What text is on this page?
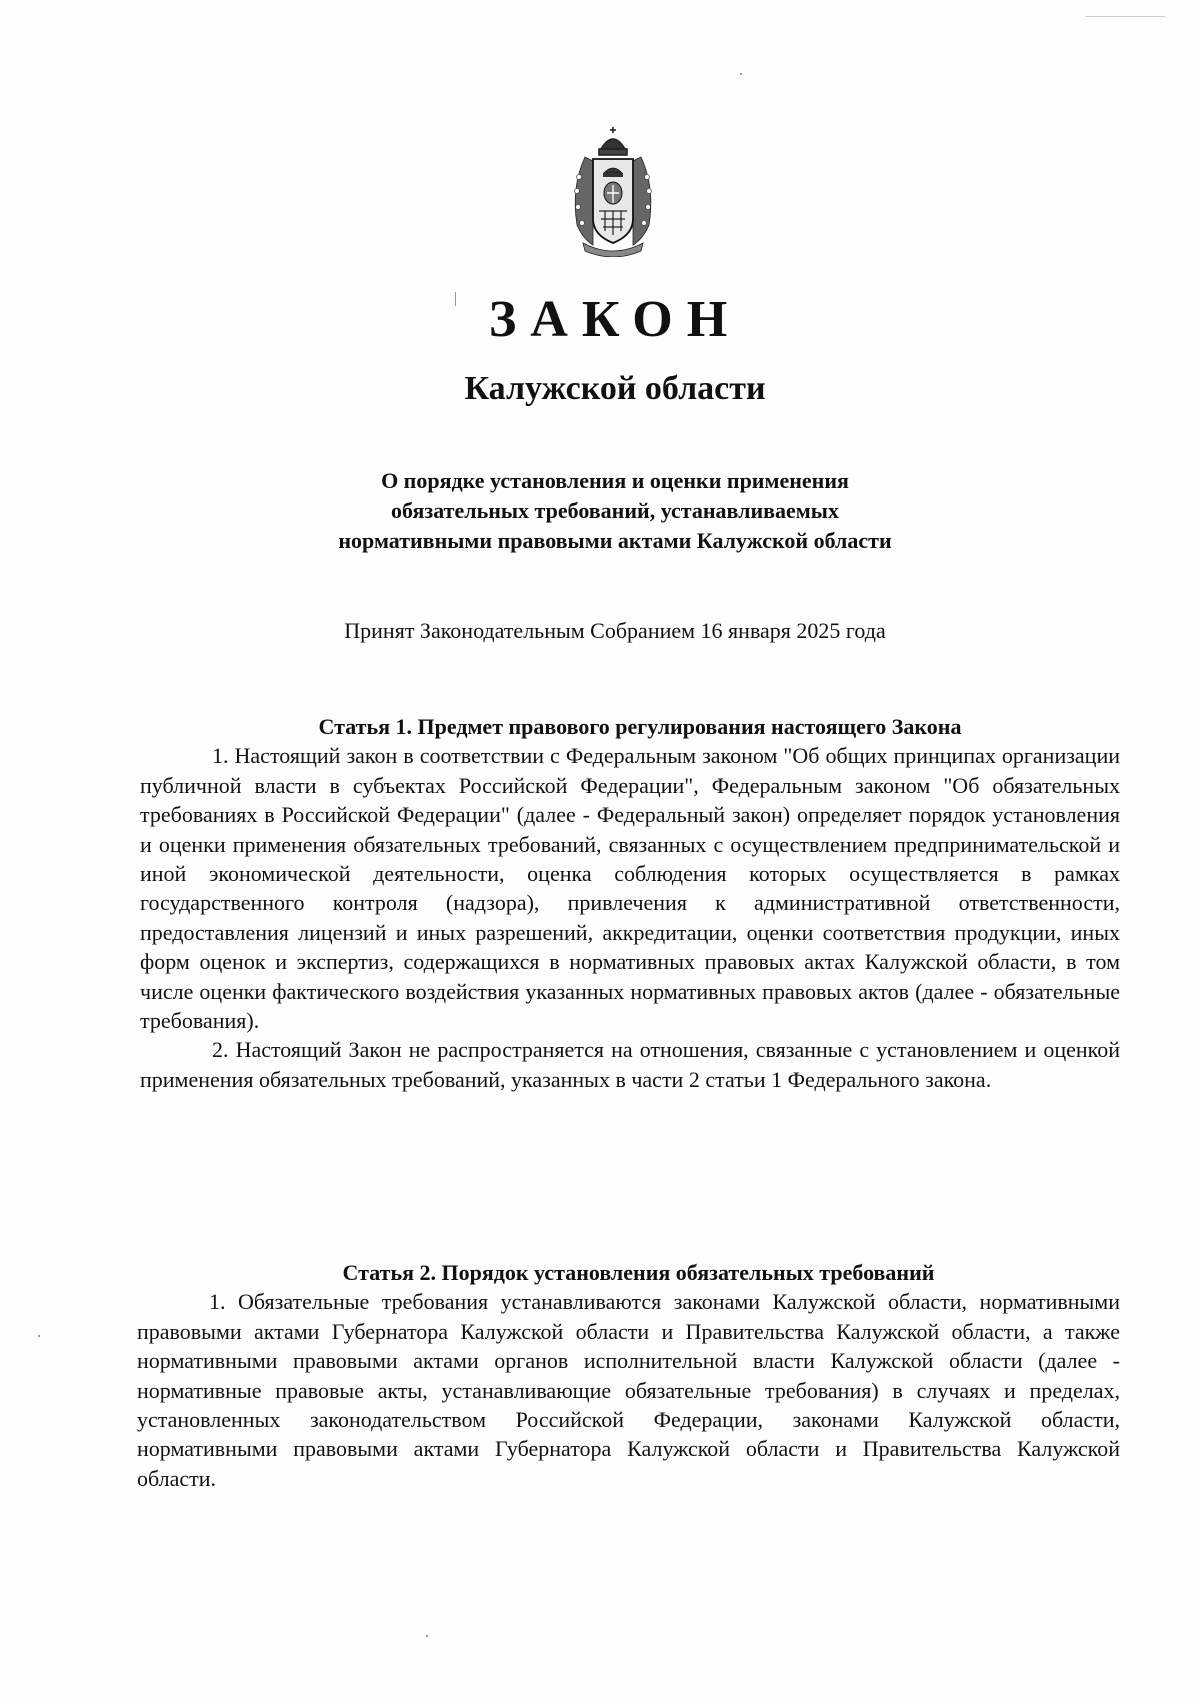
ЗАКОН
Калужской области
О порядке установления и оценки применения
обязательных требований, устанавливаемых
нормативными правовыми актами Калужской области
Принят Законодательным Собранием 16 января 2025 года
Статья 1. Предмет правового регулирования настоящего Закона

1. Настоящий закон в соответствии с Федеральным законом "Об общих принципах организации публичной власти в субъектах Российской Федерации", Федеральным законом "Об обязательных требованиях в Российской Федерации" (далее - Федеральный закон) определяет порядок установления и оценки применения обязательных требований, связанных с осуществлением предпринимательской и иной экономической деятельности, оценка соблюдения которых осуществляется в рамках государственного контроля (надзора), привлечения к административной ответственности, предоставления лицензий и иных разрешений, аккредитации, оценки соответствия продукции, иных форм оценок и экспертиз, содержащихся в нормативных правовых актах Калужской области, в том числе оценки фактического воздействия указанных нормативных правовых актов (далее - обязательные требования).

2. Настоящий Закон не распространяется на отношения, связанные с установлением и оценкой применения обязательных требований, указанных в части 2 статьи 1 Федерального закона.

Статья 2. Порядок установления обязательных требований

1. Обязательные требования устанавливаются законами Калужской области, нормативными правовыми актами Губернатора Калужской области и Правительства Калужской области, а также нормативными правовыми актами органов исполнительной власти Калужской области (далее - нормативные правовые акты, устанавливающие обязательные требования) в случаях и пределах, установленных законодательством Российской Федерации, законами Калужской области, нормативными правовыми актами Губернатора Калужской области и Правительства Калужской области.
